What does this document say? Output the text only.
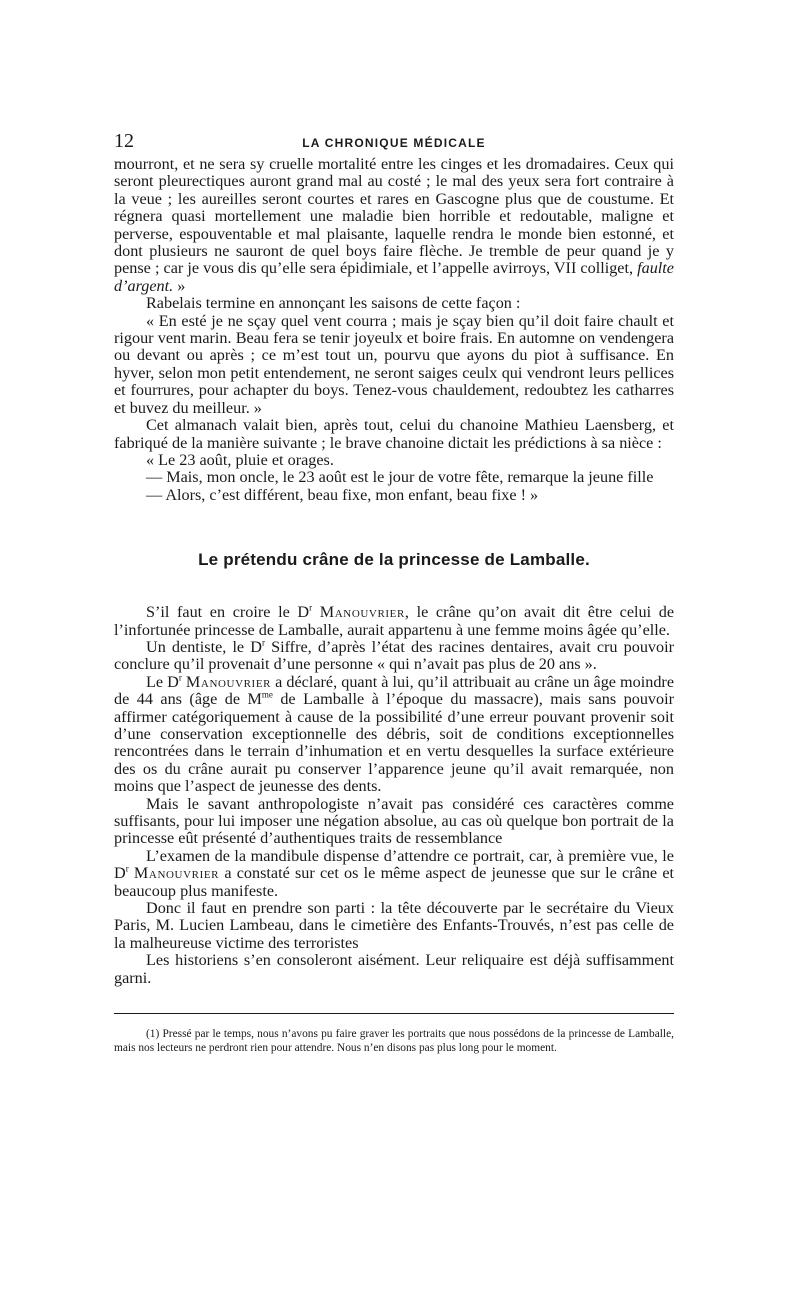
12	LA CHRONIQUE MÉDICALE

mourront, et ne sera sy cruelle mortalité entre les cinges et les dromadaires. Ceux qui seront pleurectiques auront grand mal au costé ; le mal des yeux sera fort contraire à la veue ; les aureilles seront courtes et rares en Gascogne plus que de coustume. Et régnera quasi mortellement une maladie bien horrible et redoutable, maligne et perverse, espouventable et mal plaisante, laquelle rendra le monde bien estonné, et dont plusieurs ne sauront de quel boys faire flèche. Je tremble de peur quand je y pense ; car je vous dis qu’elle sera épidimiale, et l’appelle avirroys, VII colliget, faulte d’argent. »

Rabelais termine en annonçant les saisons de cette façon :

« En esté je ne sçay quel vent courra ; mais je sçay bien qu’il doit faire chault et rigour vent marin. Beau fera se tenir joyeulx et boire frais. En automne on vendengera ou devant ou après ; ce m’est tout un, pourvu que ayons du piot à suffisance. En hyver, selon mon petit entendement, ne seront saiges ceulx qui vendront leurs pellices et fourrures, pour achapter du boys. Tenez-vous chauldement, redoubtez les catharres et buvez du meilleur. »

Cet almanach valait bien, après tout, celui du chanoine Mathieu Laensberg, et fabriqué de la manière suivante ; le brave chanoine dictait les prédictions à sa nièce :

« Le 23 août, pluie et orages.

— Mais, mon oncle, le 23 août est le jour de votre fête, remarque la jeune fille

— Alors, c’est différent, beau fixe, mon enfant, beau fixe ! »

Le prétendu crâne de la princesse de Lamballe.

S’il faut en croire le $D^r$ Manouvrier, le crâne qu’on avait dit être celui de l’infortunée princesse de Lamballe, aurait appartenu à une femme moins âgée qu’elle.

Un dentiste, le $D^r$ Siffre, d’après l’état des racines dentaires, avait cru pouvoir conclure qu’il provenait d’une personne « qui n’avait pas plus de 20 ans ».

Le $D^r$ Manouvrier a déclaré, quant à lui, qu’il attribuait au crâne un âge moindre de 44 ans (âge de $M^{me}$ de Lamballe à l’époque du massacre), mais sans pouvoir affirmer catégoriquement à cause de la possibilité d’une erreur pouvant provenir soit d’une conservation exceptionnelle des débris, soit de conditions exceptionnelles rencontrées dans le terrain d’inhumation et en vertu desquelles la surface extérieure des os du crâne aurait pu conserver l’apparence jeune qu’il avait remarquée, non moins que l’aspect de jeunesse des dents.

Mais le savant anthropologiste n’avait pas considéré ces caractères comme suffisants, pour lui imposer une négation absolue, au cas où quelque bon portrait de la princesse eût présenté d’authentiques traits de ressemblance

L’examen de la mandibule dispense d’attendre ce portrait, car, à première vue, le $D^r$ Manouvrier a constaté sur cet os le même aspect de jeunesse que sur le crâne et beaucoup plus manifeste.

Donc il faut en prendre son parti : la tête découverte par le secrétaire du Vieux Paris, M. Lucien Lambeau, dans le cimetière des Enfants-Trouvés, n’est pas celle de la malheureuse victime des terroristes

Les historiens s’en consoleront aisément. Leur reliquaire est déjà suffisamment garni.

(1) Pressé par le temps, nous n’avons pu faire graver les portraits que nous possédons de la princesse de Lamballe, mais nos lecteurs ne perdront rien pour attendre. Nous n’en disons pas plus long pour le moment.
